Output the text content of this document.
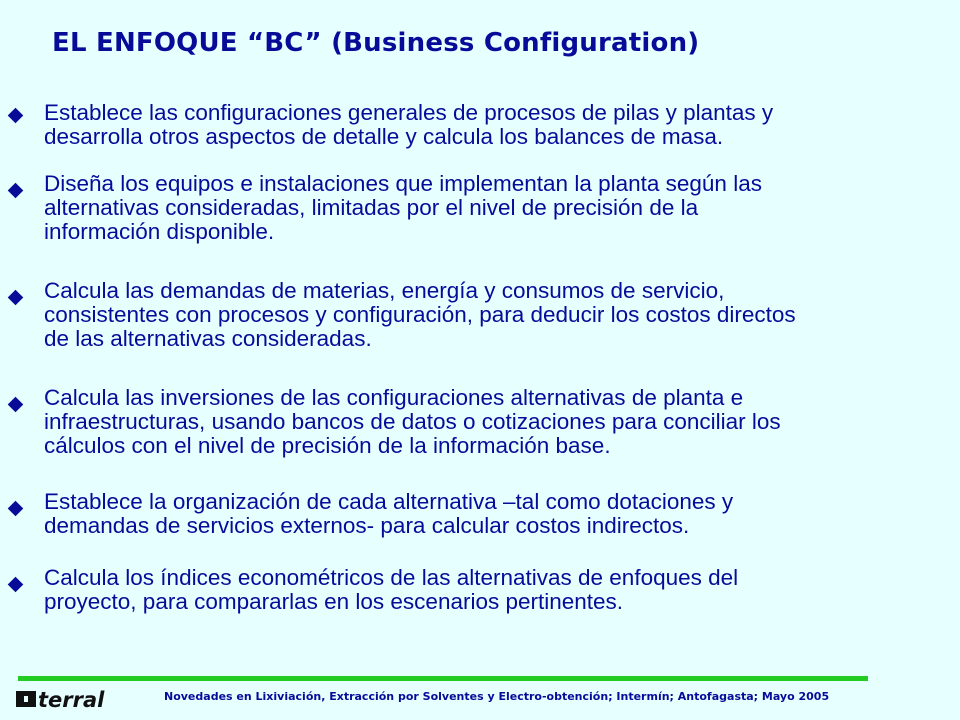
EL ENFOQUE “BC” (Business Configuration)
Establece las configuraciones generales de procesos de pilas y plantas y
desarrolla otros aspectos de detalle y calcula los balances de masa.
Diseña los equipos e instalaciones que implementan la planta según las
alternativas consideradas, limitadas por el nivel de precisión de la
información disponible.
Calcula las demandas de materias, energía y consumos de servicio,
consistentes con procesos y configuración, para deducir los costos directos
de las alternativas consideradas.
Calcula las inversiones de las configuraciones alternativas de planta e
infraestructuras, usando bancos de datos o cotizaciones para conciliar los
cálculos con el nivel de precisión de la información base.
Establece la organización de cada alternativa –tal como dotaciones y
demandas de servicios externos- para calcular costos indirectos.
Calcula los índices econométricos de las alternativas de enfoques del
proyecto, para compararlas en los escenarios pertinentes.
terral	Novedades en Lixiviación, Extracción por Solventes y Electro-obtención; Intermín; Antofagasta; Mayo 2005
